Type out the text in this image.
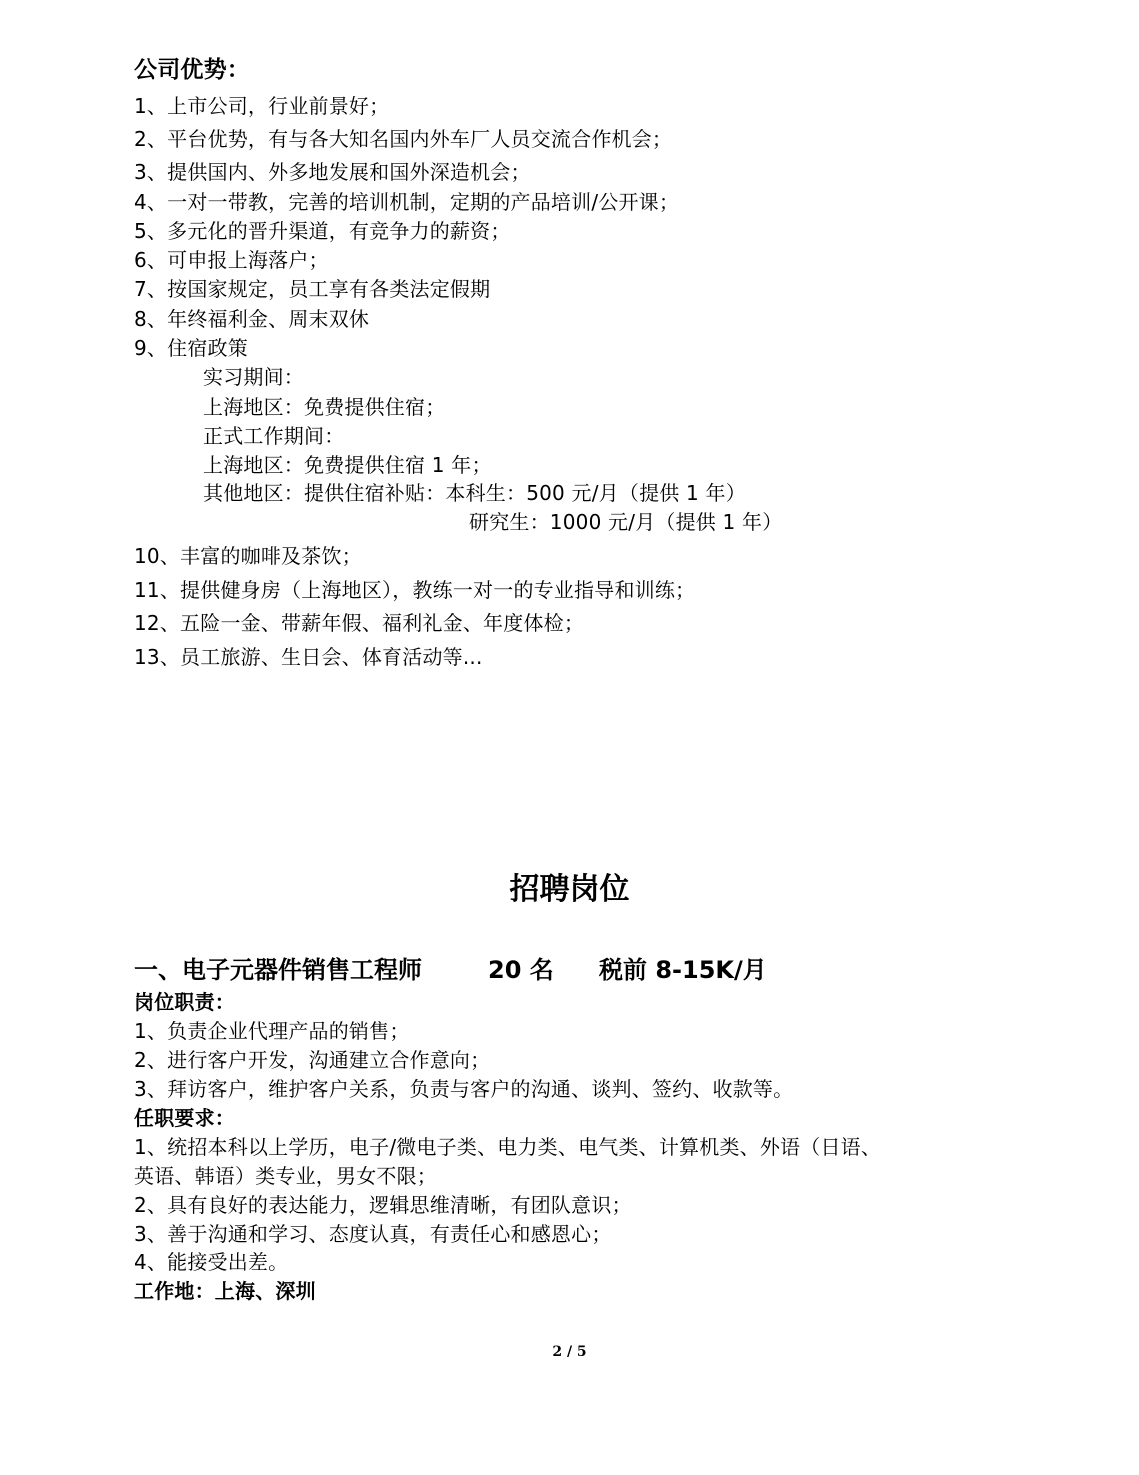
公司优势：
1、上市公司，行业前景好；
2、平台优势，有与各大知名国内外车厂人员交流合作机会；
3、提供国内、外多地发展和国外深造机会；
4、一对一带教，完善的培训机制，定期的产品培训/公开课；
5、多元化的晋升渠道，有竞争力的薪资；
6、可申报上海落户；
7、按国家规定，员工享有各类法定假期
8、年终福利金、周末双休
9、住宿政策
实习期间：
上海地区：免费提供住宿；
正式工作期间：
上海地区：免费提供住宿 1 年；
其他地区：提供住宿补贴：本科生：500 元/月（提供 1 年）
研究生：1000 元/月（提供 1 年）
10、丰富的咖啡及茶饮；
11、提供健身房（上海地区），教练一对一的专业指导和训练；
12、五险一金、带薪年假、福利礼金、年度体检；
13、员工旅游、生日会、体育活动等...
招聘岗位

一、电子元器件销售工程师

	20 名

税前 8-15K/月

岗位职责：
1、负责企业代理产品的销售；
2、进行客户开发，沟通建立合作意向；
3、拜访客户，维护客户关系，负责与客户的沟通、谈判、签约、收款等。
任职要求：
1、统招本科以上学历，电子/微电子类、电力类、电气类、计算机类、外语（日语、
英语、韩语）类专业，男女不限；
2、具有良好的表达能力，逻辑思维清晰，有团队意识；
3、善于沟通和学习、态度认真，有责任心和感恩心；
4、能接受出差。
工作地：上海、深圳
2 / 5
